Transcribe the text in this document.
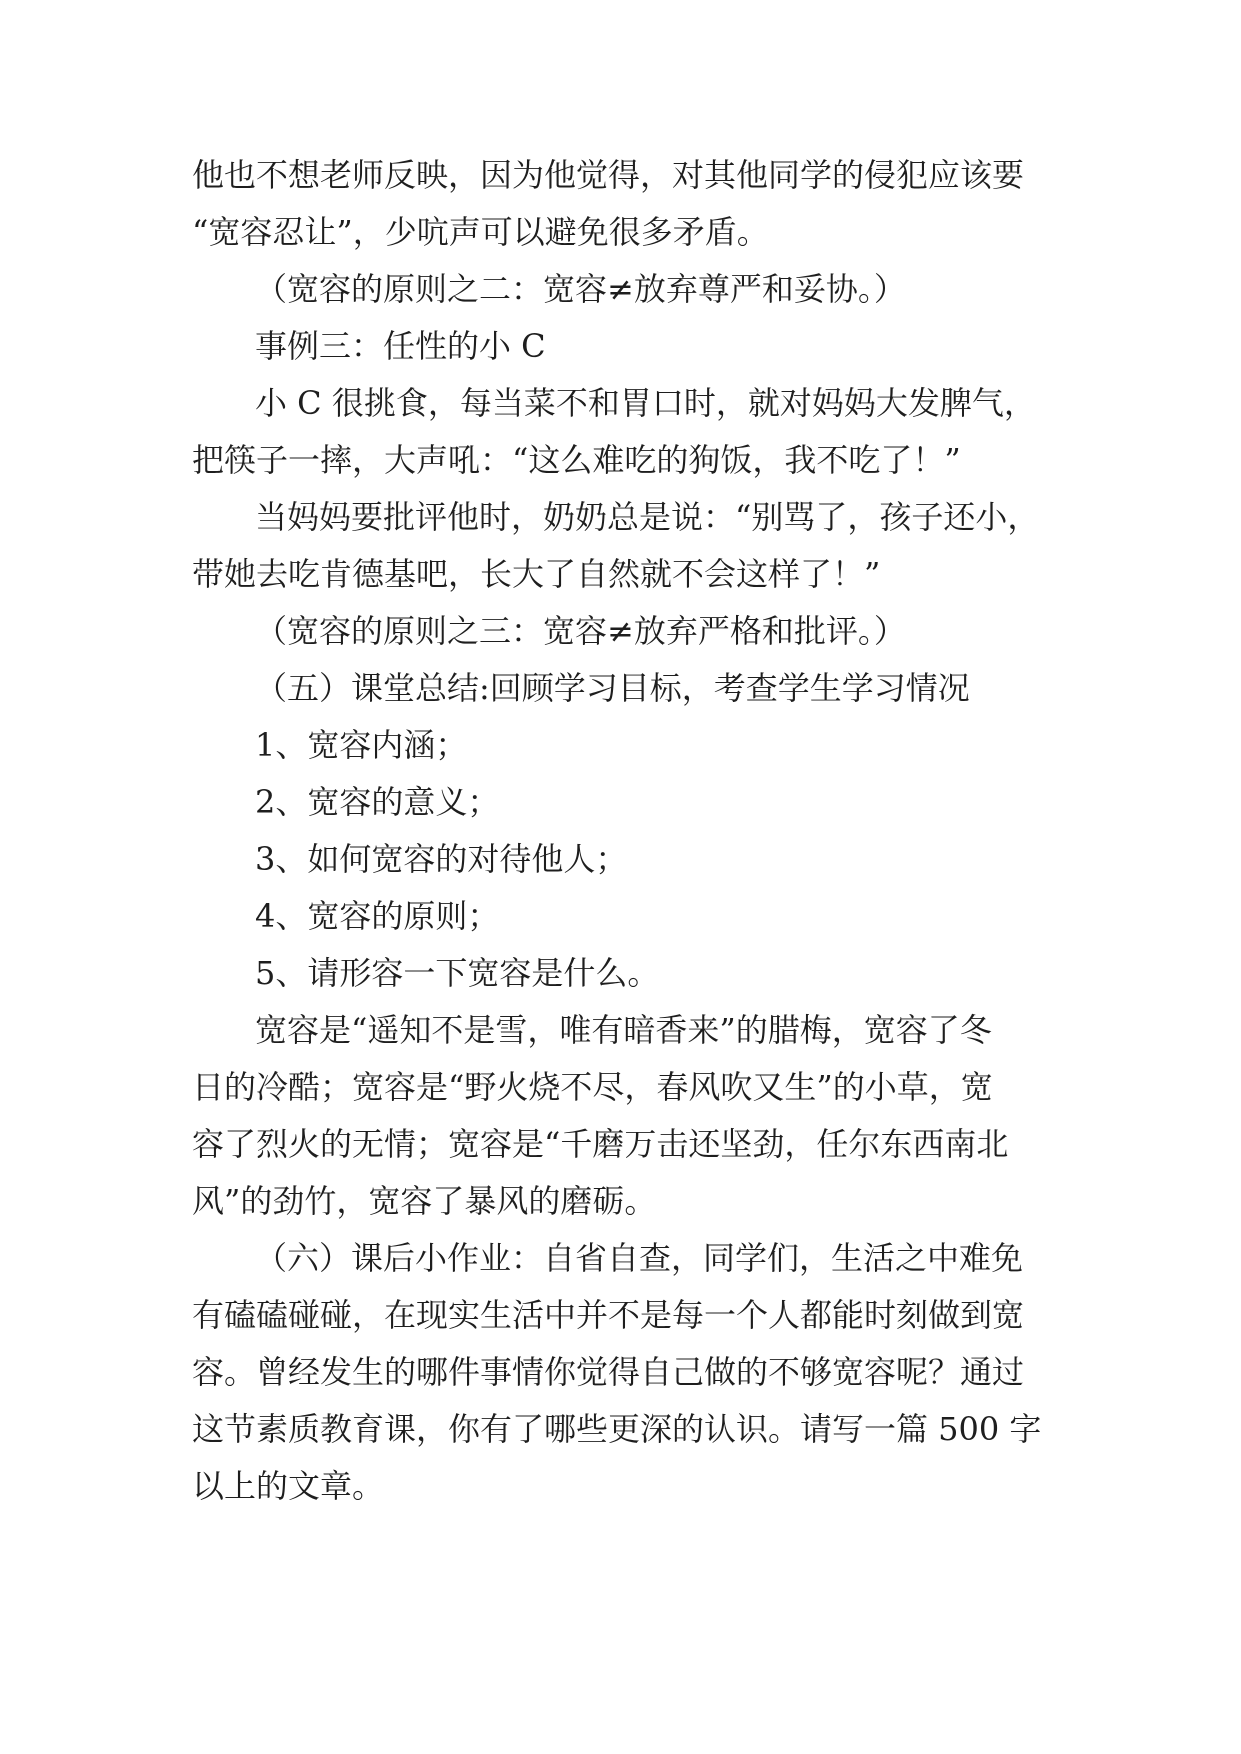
他也不想老师反映，因为他觉得，对其他同学的侵犯应该要
“宽容忍让”，少吭声可以避免很多矛盾。
（宽容的原则之二：宽容≠放弃尊严和妥协。）
事例三：任性的小 C
小 C 很挑食，每当菜不和胃口时，就对妈妈大发脾气，
把筷子一摔，大声吼：“这么难吃的狗饭，我不吃了！”
当妈妈要批评他时，奶奶总是说：“别骂了，孩子还小，
带她去吃肯德基吧，长大了自然就不会这样了！”
（宽容的原则之三：宽容≠放弃严格和批评。）
（五）课堂总结:回顾学习目标，考查学生学习情况
1、宽容内涵；
2、宽容的意义；
3、如何宽容的对待他人；
4、宽容的原则；
5、请形容一下宽容是什么。
宽容是“遥知不是雪，唯有暗香来”的腊梅，宽容了冬
日的冷酷；宽容是“野火烧不尽，春风吹又生”的小草，宽
容了烈火的无情；宽容是“千磨万击还坚劲，任尔东西南北
风”的劲竹，宽容了暴风的磨砺。
（六）课后小作业：自省自查，同学们，生活之中难免
有磕磕碰碰，在现实生活中并不是每一个人都能时刻做到宽
容。曾经发生的哪件事情你觉得自己做的不够宽容呢？通过
这节素质教育课，你有了哪些更深的认识。请写一篇 500 字
以上的文章。
